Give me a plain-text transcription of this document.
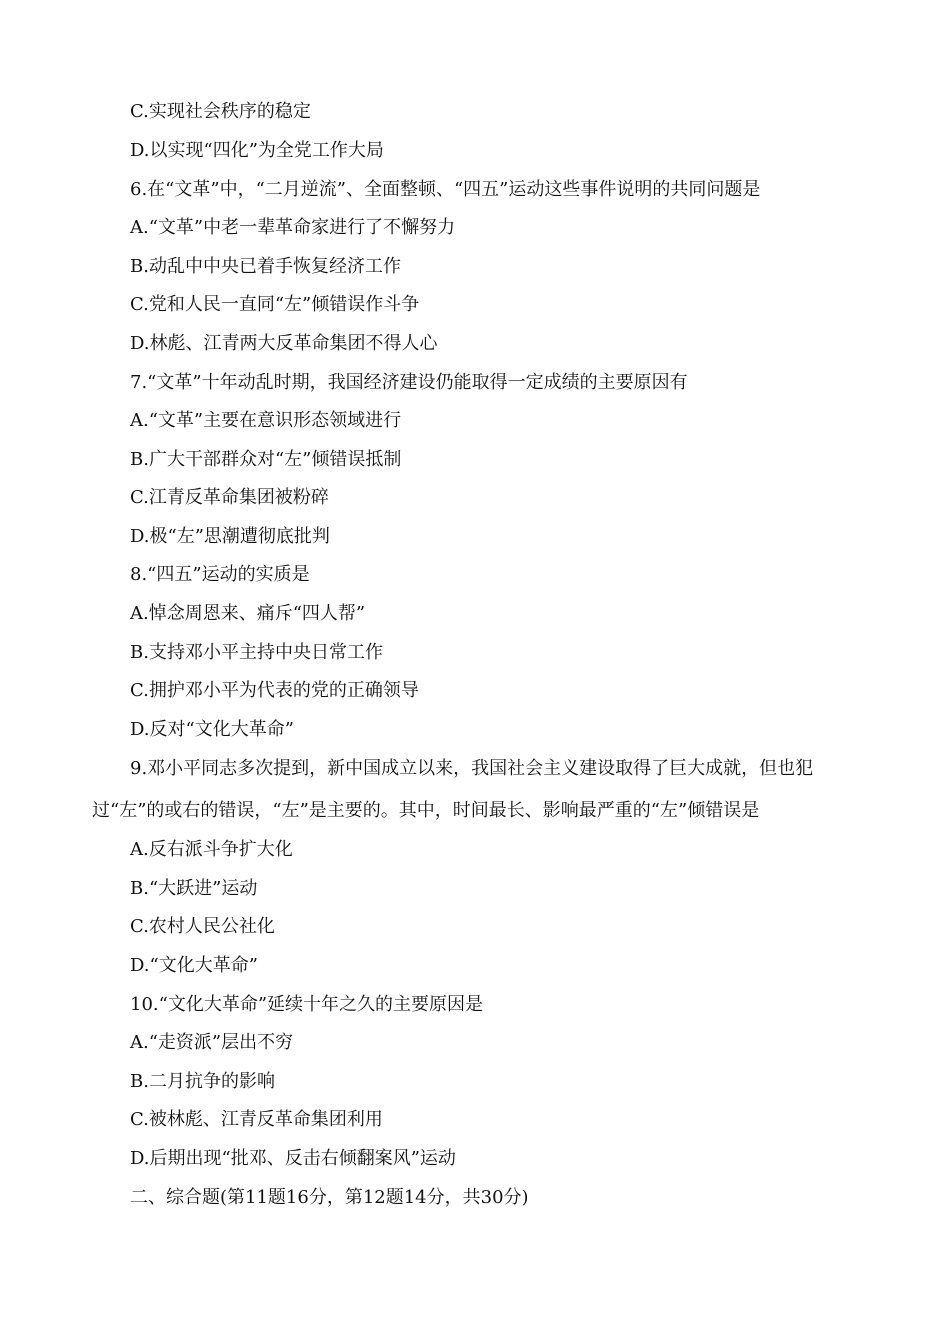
C.实现社会秩序的稳定
D.以实现“四化”为全党工作大局
6.在“文革”中，“二月逆流”、全面整顿、“四五”运动这些事件说明的共同问题是
A.“文革”中老一辈革命家进行了不懈努力
B.动乱中中央已着手恢复经济工作
C.党和人民一直同“左”倾错误作斗争
D.林彪、江青两大反革命集团不得人心
7.“文革”十年动乱时期，我国经济建设仍能取得一定成绩的主要原因有
A.“文革”主要在意识形态领域进行
B.广大干部群众对“左”倾错误抵制
C.江青反革命集团被粉碎
D.极“左”思潮遭彻底批判
8.“四五”运动的实质是
A.悼念周恩来、痛斥“四人帮”
B.支持邓小平主持中央日常工作
C.拥护邓小平为代表的党的正确领导
D.反对“文化大革命”
9.邓小平同志多次提到，新中国成立以来，我国社会主义建设取得了巨大成就，但也犯
过“左”的或右的错误，“左”是主要的。其中，时间最长、影响最严重的“左”倾错误是
A.反右派斗争扩大化
B.“大跃进”运动
C.农村人民公社化
D.“文化大革命”
10.“文化大革命”延续十年之久的主要原因是
A.“走资派”层出不穷
B.二月抗争的影响
C.被林彪、江青反革命集团利用
D.后期出现“批邓、反击右倾翻案风”运动
二、综合题(第11题16分，第12题14分，共30分)
